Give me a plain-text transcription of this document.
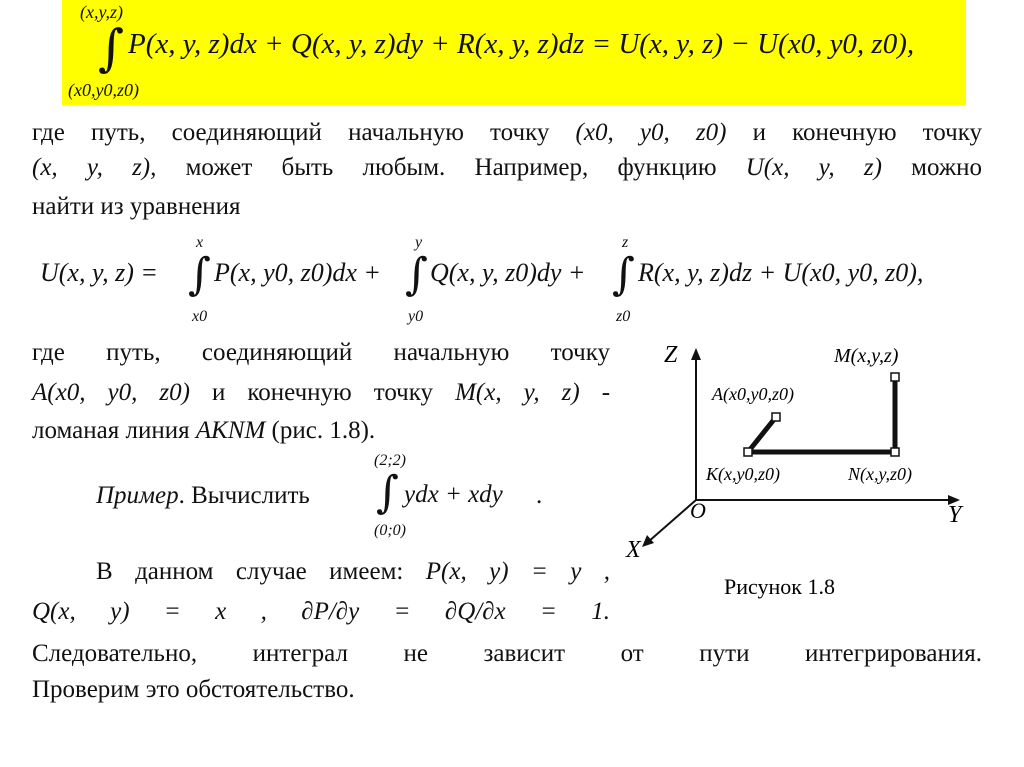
(x,y,z)
∫ P(x, y, z)dx + Q(x, y, z)dy + R(x, y, z)dz = U(x, y, z) − U(x0, y0, z0),
(x0,y0,z0)
где путь, соединяющий начальную точку (x0, y0, z0) и конечную точку
(x, y, z), может быть любым. Например, функцию U(x, y, z) можно
найти из уравнения
U(x, y, z) =
x
∫
x0
P(x, y0, z0)dx +
y
∫
y0
Q(x, y, z0)dy +
z
∫
z0
R(x, y, z)dz + U(x0, y0, z0),
где путь, соединяющий начальную точку
A(x0, y0, z0) и конечную точку M(x, y, z) -
ломаная линия AKNM (рис. 1.8).
Пример. Вычислить
(2;2)
∫
(0;0)
ydx + xdy .
В данном случае имеем: P(x, y) = y ,
Q(x, y) = x , ∂P/∂y = ∂Q/∂x = 1.
Следовательно, интеграл не зависит от пути интегрирования.
Проверим это обстоятельство.
Z
Y
X
O
M(x,y,z)
A(x0,y0,z0)
K(x,y0,z0)	N(x,y,z0)
Рисунок 1.8
